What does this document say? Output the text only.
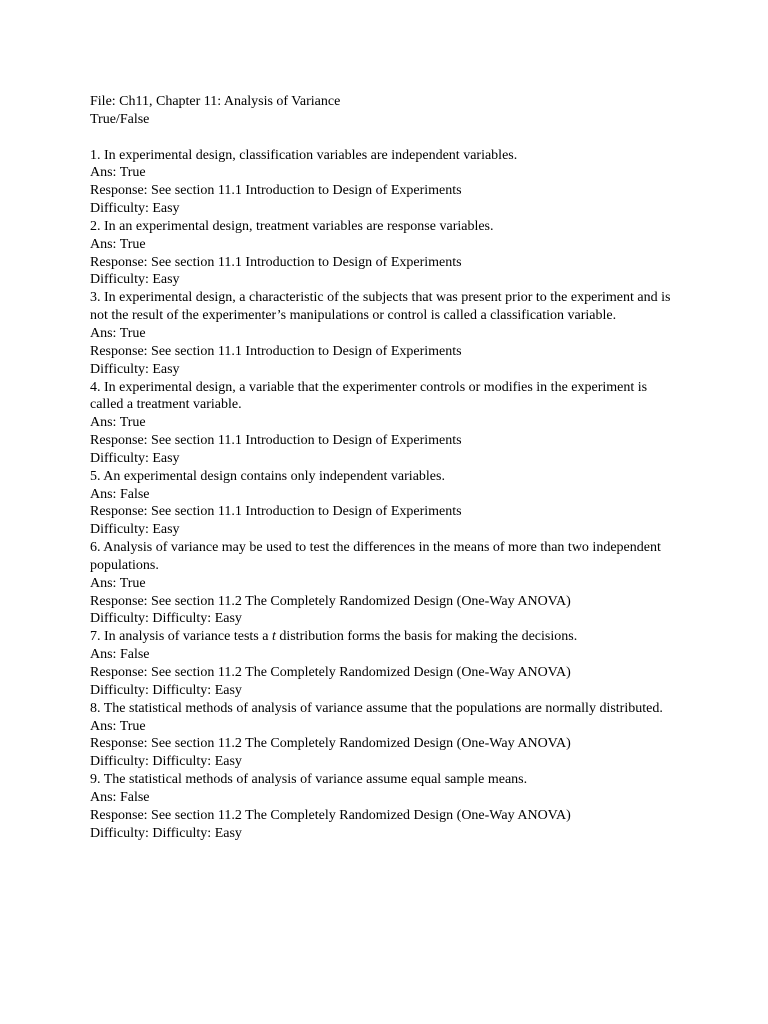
File: Ch11, Chapter 11: Analysis of Variance
True/False
1. In experimental design, classification variables are independent variables.
Ans: True
Response: See section 11.1 Introduction to Design of Experiments
Difficulty: Easy
2. In an experimental design, treatment variables are response variables.
Ans: True
Response: See section 11.1 Introduction to Design of Experiments
Difficulty: Easy
3. In experimental design, a characteristic of the subjects that was present prior to the experiment and is not the result of the experimenter’s manipulations or control is called a classification variable.
Ans: True
Response: See section 11.1 Introduction to Design of Experiments
Difficulty: Easy
4. In experimental design, a variable that the experimenter controls or modifies in the experiment is called a treatment variable.
Ans: True
Response: See section 11.1 Introduction to Design of Experiments
Difficulty: Easy
5. An experimental design contains only independent variables.
Ans: False
Response: See section 11.1 Introduction to Design of Experiments
Difficulty: Easy
6. Analysis of variance may be used to test the differences in the means of more than two independent populations.
Ans: True
Response: See section 11.2 The Completely Randomized Design (One-Way ANOVA)
Difficulty: Difficulty: Easy
7. In analysis of variance tests a t distribution forms the basis for making the decisions.
Ans: False
Response: See section 11.2 The Completely Randomized Design (One-Way ANOVA)
Difficulty: Difficulty: Easy
8. The statistical methods of analysis of variance assume that the populations are normally distributed.
Ans: True
Response: See section 11.2 The Completely Randomized Design (One-Way ANOVA)
Difficulty: Difficulty: Easy
9. The statistical methods of analysis of variance assume equal sample means.
Ans: False
Response: See section 11.2 The Completely Randomized Design (One-Way ANOVA)
Difficulty: Difficulty: Easy
